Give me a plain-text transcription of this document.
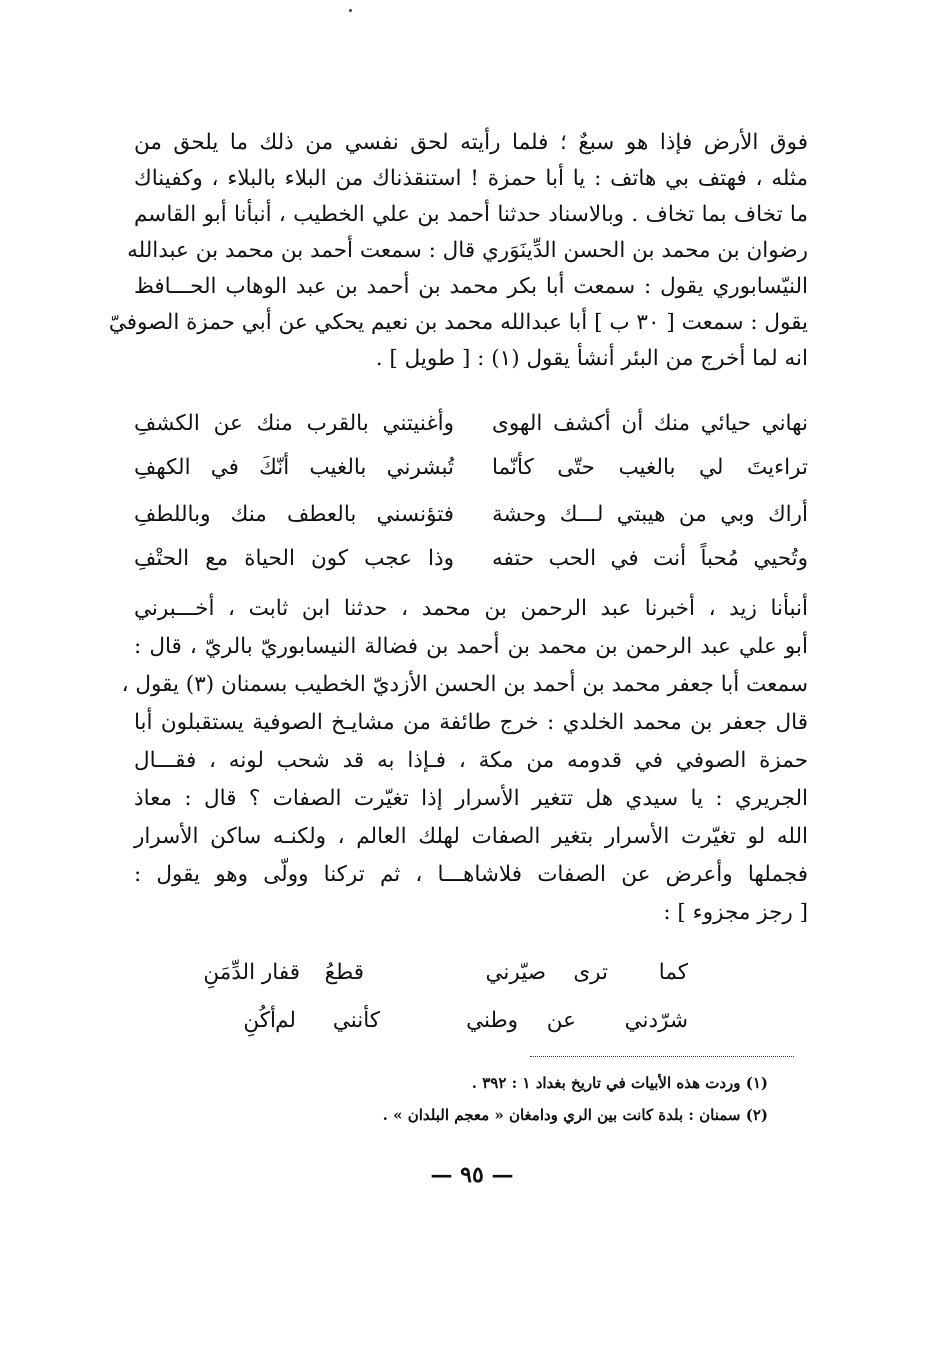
فوق الأرض فإذا هو سبعٌ ؛ فلما رأيته لحق نفسي من ذلك ما يلحق من
مثله ، فهتف بي هاتف : يا أبا حمزة ! استنقذناك من البلاء بالبلاء ، وكفيناك
ما تخاف بما تخاف . وبالاسناد حدثنا أحمد بن علي الخطيب ، أنبأنا أبو القاسم
رضوان بن محمد بن الحسن الدِّينَوَري قال : سمعت أحمد بن محمد بن عبدالله
النيّسابوري يقول : سمعت أبا بكر محمد بن أحمد بن عبد الوهاب الحـــافظ
يقول : سمعت [ ٣٠ ب ] أبا عبدالله محمد بن نعيم يحكي عن أبي حمزة الصوفيّ
انه لما أخرج من البئر أنشأ يقول (١) : [ طويل ] .
نهاني حيائي منك أن أكشف الهوى
وأغنيتني بالقرب منك عن الكشفِ
تراءيتَ لي بالغيب حتّى كأنّما
تُبشرني بالغيب أنّكَ في الكهفِ
أراك وبي من هيبتي لـــك وحشة
فتؤنسني بالعطف منك وباللطفِ
وتُحيي مُحباً أنت في الحب حتفه
وذا عجب كون الحياة مع الحتْفِ
أنبأنا زيد ، أخبرنا عبد الرحمن بن محمد ، حدثنا ابن ثابت ، أخـــبرني
أبو علي عبد الرحمن بن محمد بن أحمد بن فضالة النيسابوريّ بالريّ ، قال :
سمعت أبا جعفر محمد بن أحمد بن الحسن الأزديّ الخطيب بسمنان (٣) يقول ،
قال جعفر بن محمد الخلدي : خرج طائفة من مشايـخ الصوفية يستقبلون أبا
حمزة الصوفي في قدومه من مكة ، فـإذا به قد شحب لونه ، فقـــال
الجريري : يا سيدي هل تتغير الأسرار إذا تغيّرت الصفات ؟ قال : معاذ
الله لو تغيّرت الأسرار بتغير الصفات لهلك العالم ، ولكنـه ساكن الأسرار
فجملها وأعرض عن الصفات فلاشاهـــا ، ثم تركنا وولّى وهو يقول :
[ رجز مجزوء ] :
كما
ترى
صيّرني
قطعُ
قفار الدِّمَنِ
شرّدني
عن
وطني
كأنني
لم
أكُنِ
(١) وردت هذه الأبيات في تاريخ بغداد ١ : ٣٩٢ .
(٢) سمنان : بلدة كانت بين الري ودامغان « معجم البلدان » .
— ٩٥ —
